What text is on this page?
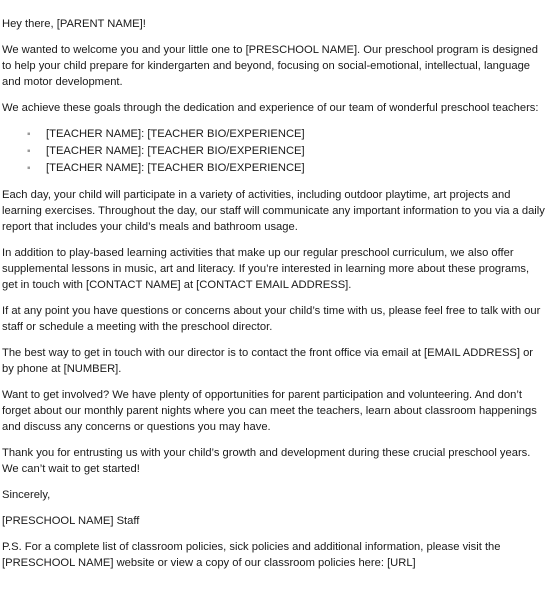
Hey there, [PARENT NAME]!

We wanted to welcome you and your little one to [PRESCHOOL NAME]. Our preschool program is designed to help your child prepare for kindergarten and beyond, focusing on social-emotional, intellectual, language and motor development.

We achieve these goals through the dedication and experience of our team of wonderful preschool teachers:

▪ [TEACHER NAME]: [TEACHER BIO/EXPERIENCE]
▪ [TEACHER NAME]: [TEACHER BIO/EXPERIENCE]
▪ [TEACHER NAME]: [TEACHER BIO/EXPERIENCE]

Each day, your child will participate in a variety of activities, including outdoor playtime, art projects and learning exercises. Throughout the day, our staff will communicate any important information to you via a daily report that includes your child’s meals and bathroom usage.

In addition to play-based learning activities that make up our regular preschool curriculum, we also offer supplemental lessons in music, art and literacy. If you’re interested in learning more about these programs, get in touch with [CONTACT NAME] at [CONTACT EMAIL ADDRESS].

If at any point you have questions or concerns about your child’s time with us, please feel free to talk with our staff or schedule a meeting with the preschool director.

The best way to get in touch with our director is to contact the front office via email at [EMAIL ADDRESS] or by phone at [NUMBER].

Want to get involved? We have plenty of opportunities for parent participation and volunteering. And don’t forget about our monthly parent nights where you can meet the teachers, learn about classroom happenings and discuss any concerns or questions you may have.

Thank you for entrusting us with your child’s growth and development during these crucial preschool years. We can’t wait to get started!

Sincerely,

[PRESCHOOL NAME] Staff

P.S. For a complete list of classroom policies, sick policies and additional information, please visit the [PRESCHOOL NAME] website or view a copy of our classroom policies here: [URL]
